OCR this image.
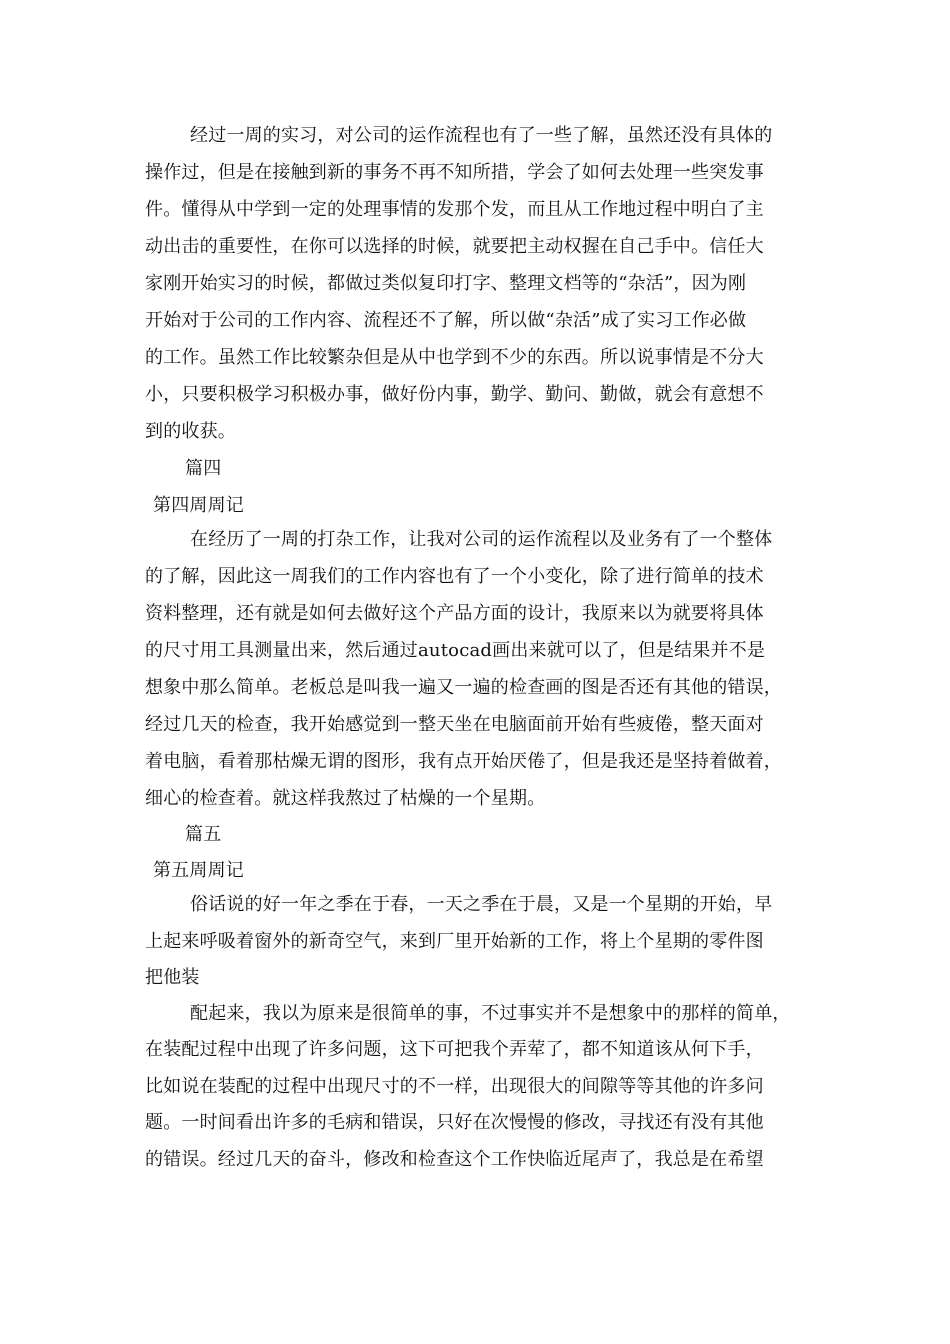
经过一周的实习，对公司的运作流程也有了一些了解，虽然还没有具体的
操作过，但是在接触到新的事务不再不知所措，学会了如何去处理一些突发事
件。懂得从中学到一定的处理事情的发那个发，而且从工作地过程中明白了主
动出击的重要性，在你可以选择的时候，就要把主动权握在自己手中。信任大
家刚开始实习的时候，都做过类似复印打字、整理文档等的“杂活”，因为刚
开始对于公司的工作内容、流程还不了解，所以做“杂活”成了实习工作必做
的工作。虽然工作比较繁杂但是从中也学到不少的东西。所以说事情是不分大
小，只要积极学习积极办事，做好份内事，勤学、勤问、勤做，就会有意想不
到的收获。
篇四
第四周周记
在经历了一周的打杂工作，让我对公司的运作流程以及业务有了一个整体
的了解，因此这一周我们的工作内容也有了一个小变化，除了进行简单的技术
资料整理，还有就是如何去做好这个产品方面的设计，我原来以为就要将具体
的尺寸用工具测量出来，然后通过autocad画出来就可以了，但是结果并不是
想象中那么简单。老板总是叫我一遍又一遍的检查画的图是否还有其他的错误，
经过几天的检查，我开始感觉到一整天坐在电脑面前开始有些疲倦，整天面对
着电脑，看着那枯燥无谓的图形，我有点开始厌倦了，但是我还是坚持着做着，
细心的检查着。就这样我熬过了枯燥的一个星期。
篇五
第五周周记
俗话说的好一年之季在于春，一天之季在于晨，又是一个星期的开始，早
上起来呼吸着窗外的新奇空气，来到厂里开始新的工作，将上个星期的零件图
把他装
配起来，我以为原来是很简单的事，不过事实并不是想象中的那样的简单，
在装配过程中出现了许多问题，这下可把我个弄荤了，都不知道该从何下手，
比如说在装配的过程中出现尺寸的不一样，出现很大的间隙等等其他的许多问
题。一时间看出许多的毛病和错误，只好在次慢慢的修改，寻找还有没有其他
的错误。经过几天的奋斗，修改和检查这个工作快临近尾声了，我总是在希望
